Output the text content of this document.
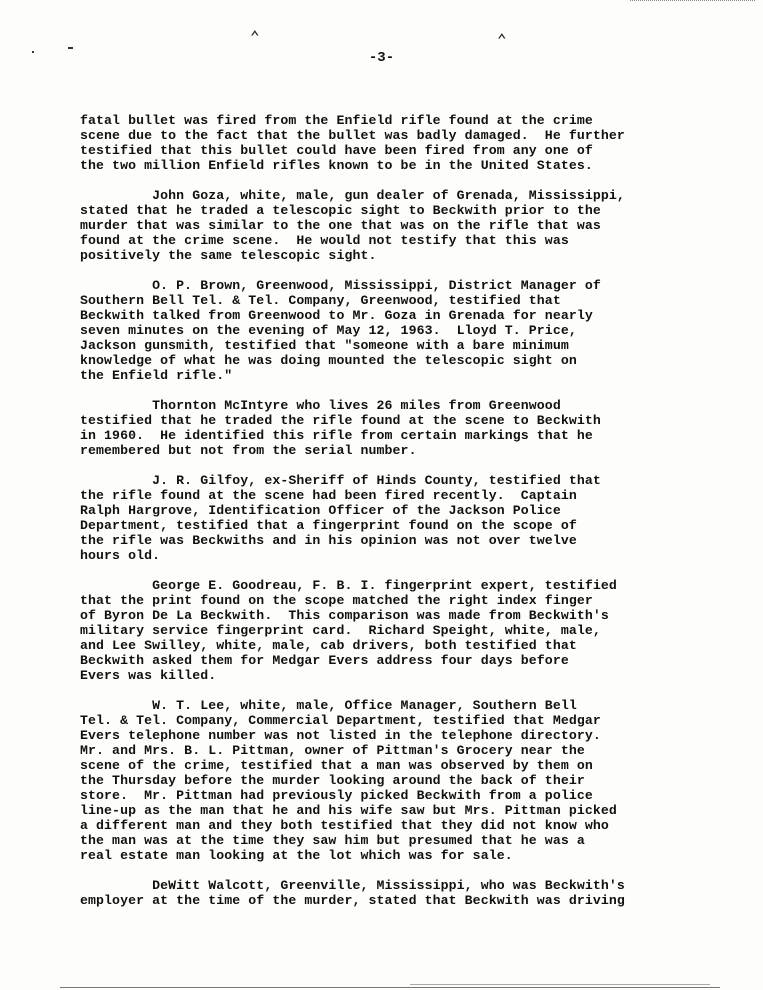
⌃	⌃
-3-
fatal bullet was fired from the Enfield rifle found at the crime
scene due to the fact that the bullet was badly damaged.  He further
testified that this bullet could have been fired from any one of
the two million Enfield rifles known to be in the United States.
John Goza, white, male, gun dealer of Grenada, Mississippi,
stated that he traded a telescopic sight to Beckwith prior to the
murder that was similar to the one that was on the rifle that was
found at the crime scene.  He would not testify that this was
positively the same telescopic sight.
O. P. Brown, Greenwood, Mississippi, District Manager of
Southern Bell Tel. & Tel. Company, Greenwood, testified that
Beckwith talked from Greenwood to Mr. Goza in Grenada for nearly
seven minutes on the evening of May 12, 1963.  Lloyd T. Price,
Jackson gunsmith, testified that "someone with a bare minimum
knowledge of what he was doing mounted the telescopic sight on
the Enfield rifle."
Thornton McIntyre who lives 26 miles from Greenwood
testified that he traded the rifle found at the scene to Beckwith
in 1960.  He identified this rifle from certain markings that he
remembered but not from the serial number.
J. R. Gilfoy, ex-Sheriff of Hinds County, testified that
the rifle found at the scene had been fired recently.  Captain
Ralph Hargrove, Identification Officer of the Jackson Police
Department, testified that a fingerprint found on the scope of
the rifle was Beckwiths and in his opinion was not over twelve
hours old.
George E. Goodreau, F. B. I. fingerprint expert, testified
that the print found on the scope matched the right index finger
of Byron De La Beckwith.  This comparison was made from Beckwith's
military service fingerprint card.  Richard Speight, white, male,
and Lee Swilley, white, male, cab drivers, both testified that
Beckwith asked them for Medgar Evers address four days before
Evers was killed.
W. T. Lee, white, male, Office Manager, Southern Bell
Tel. & Tel. Company, Commercial Department, testified that Medgar
Evers telephone number was not listed in the telephone directory.
Mr. and Mrs. B. L. Pittman, owner of Pittman's Grocery near the
scene of the crime, testified that a man was observed by them on
the Thursday before the murder looking around the back of their
store.  Mr. Pittman had previously picked Beckwith from a police
line-up as the man that he and his wife saw but Mrs. Pittman picked
a different man and they both testified that they did not know who
the man was at the time they saw him but presumed that he was a
real estate man looking at the lot which was for sale.
DeWitt Walcott, Greenville, Mississippi, who was Beckwith's
employer at the time of the murder, stated that Beckwith was driving
